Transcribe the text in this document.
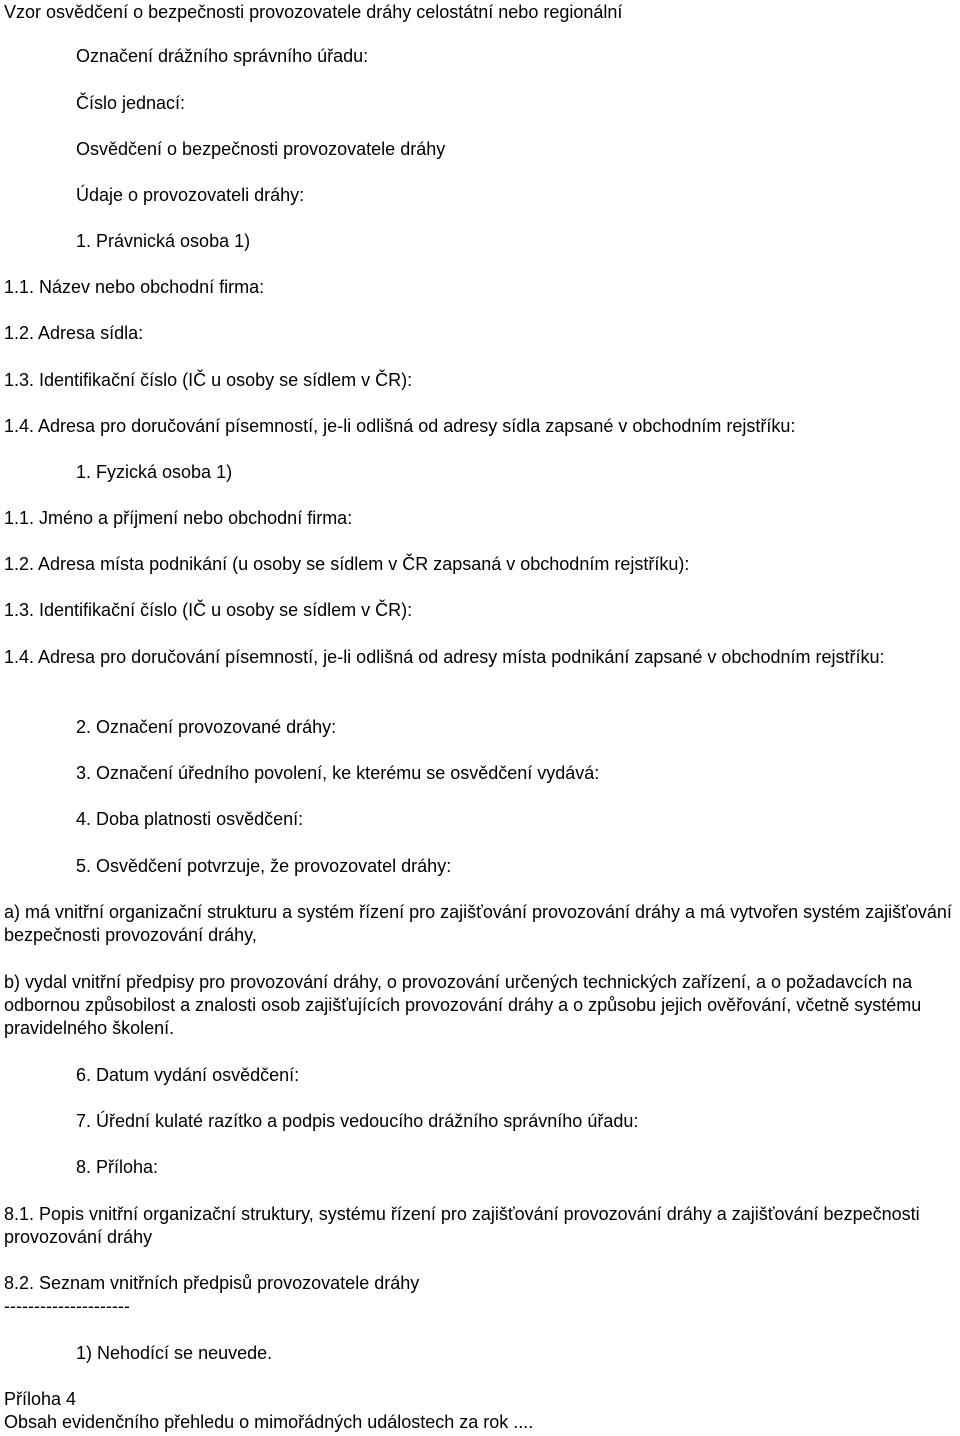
Vzor osvědčení o bezpečnosti provozovatele dráhy celostátní nebo regionální

Označení drážního správního úřadu:

Číslo jednací:

Osvědčení o bezpečnosti provozovatele dráhy

Údaje o provozovateli dráhy:

1. Právnická osoba 1)

1.1. Název nebo obchodní firma:

1.2. Adresa sídla:

1.3. Identifikační číslo (IČ u osoby se sídlem v ČR):

1.4. Adresa pro doručování písemností, je-li odlišná od adresy sídla zapsané v obchodním rejstříku:

1. Fyzická osoba 1)

1.1. Jméno a příjmení nebo obchodní firma:

1.2. Adresa místa podnikání (u osoby se sídlem v ČR zapsaná v obchodním rejstříku):

1.3. Identifikační číslo (IČ u osoby se sídlem v ČR):

1.4. Adresa pro doručování písemností, je-li odlišná od adresy místa podnikání zapsané v obchodním rejstříku:

2. Označení provozované dráhy:

3. Označení úředního povolení, ke kterému se osvědčení vydává:

4. Doba platnosti osvědčení:

5. Osvědčení potvrzuje, že provozovatel dráhy:

a) má vnitřní organizační strukturu a systém řízení pro zajišťování provozování dráhy a má vytvořen systém zajišťování bezpečnosti provozování dráhy,

b) vydal vnitřní předpisy pro provozování dráhy, o provozování určených technických zařízení, a o požadavcích na odbornou způsobilost a znalosti osob zajišťujících provozování dráhy a o způsobu jejich ověřování, včetně systému pravidelného školení.

6. Datum vydání osvědčení:

7. Úřední kulaté razítko a podpis vedoucího drážního správního úřadu:

8. Příloha:

8.1. Popis vnitřní organizační struktury, systému řízení pro zajišťování provozování dráhy a zajišťování bezpečnosti provozování dráhy

8.2. Seznam vnitřních předpisů provozovatele dráhy

---------------------

1) Nehodící se neuvede.

Příloha 4

Obsah evidenčního přehledu o mimořádných událostech za rok ....
